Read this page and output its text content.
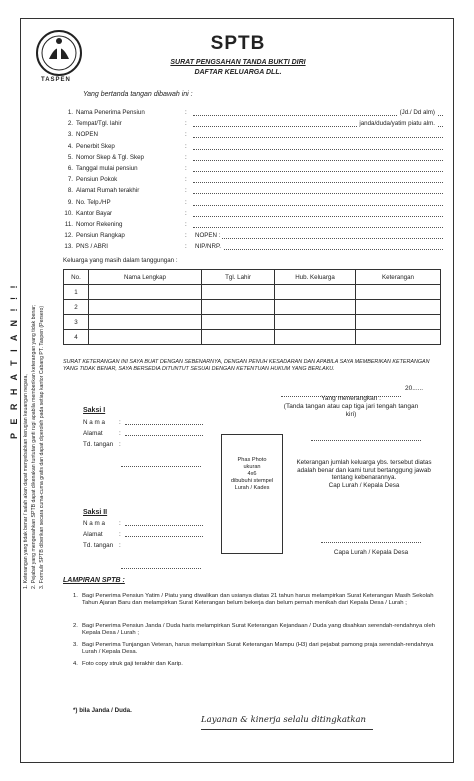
TASPEN
SPTB
SURAT PENGSAHAN TANDA BUKTI DIRI
DAFTAR KELUARGA DLL.
Yang bertanda tangan dibawah ini :
1. Nama Penerima Pensiun	:	(Jd./ Dd alm)
2. Tempat/Tgl. lahir	:	janda/duda/yatim piatu alm.
3. NOPEN	:
4. Penerbit Skep	:
5. Nomor Skep & Tgl. Skep	:
6. Tanggal mulai pensiun	:
7. Pensiun Pokok	:
8. Alamat Rumah terakhir	:
9. No. Telp./HP	:
10. Kantor Bayar	:
11. Nomor Rekening	:
12. Pensiun Rangkap	:	NOPEN :
13. PNS / ABRI	:	NIP/NRP.
Keluarga yang masih dalam tanggungan :
No.	Nama Lengkap	Tgl. Lahir	Hub. Keluarga	Keterangan
1				
2				
3				
4				
SURAT KETERANGAN INI SAYA BUAT DENGAN SEBENARNYA, DENGAN PENUH KESADARAN DAN APABILA SAYA MEMBERIKAN KETERANGAN YANG TIDAK BENAR, SAYA BERSEDIA DITUNTUT SESUAI DENGAN KETENTUAN HUKUM YANG BERLAKU.
20......
Yang menerangkan :
(Tanda tangan atau cap tiga jari tengah tangan kiri)
Saksi I
N a m a :
Alamat	:
Td. tangan :
Saksi II
N a m a :
Alamat	:
Td. tangan :
Phas Photo
ukuran
4x6
dibubuhi stempel
Lurah / Kades
Keterangan jumlah keluarga ybs. tersebut diatas adalah benar dan kami turut bertanggung jawab tentang kebenarannya.
Cap Lurah / Kepala Desa
Capa Lurah / Kepala Desa
LAMPIRAN SPTB :
1. Bagi Penerima Pensiun Yatim / Piatu yang diwalikan dan usianya diatas 21 tahun harus melampirkan Surat Keterangan Masih Sekolah Tahun Ajaran Baru dan melampirkan Surat Keterangan belum bekerja dan belum pernah menikah dari Kepala Desa / Lurah ;
2. Bagi Penerima Pensiun Janda / Duda haris melampirkan Surat Keterangan Kejandaan / Duda yang disahkan serendah-rendahnya oleh Kepala Desa / Lurah ;
3. Bagi Penerima Tunjangan Veteran, harus melampirkan Surat Keterangan Mampu (H3) dari pejabat pamong praja serendah-rendahnya Lurah / Kepala Desa.
4. Foto copy struk gaji terakhir dan Karip.
*) bila Janda / Duda.
Layanan & kinerja selalu ditingkatkan
P E R H A T I A N ! ! !
1. Keterangan yang tidak benar / salah akan dapat menyebabkan kerugian keuangan negara, 2. Pejabat yang mengesahkan SPTB dapat dikenakan tuntutan ganti rugi apabila memberikan keterangan yang tidak benar; 3. Formulir SPTB diberikan secara cuma-cuma gratis dan dapat diperoleh pada setiap kantor Cabang PT. Taspen (Persero)
